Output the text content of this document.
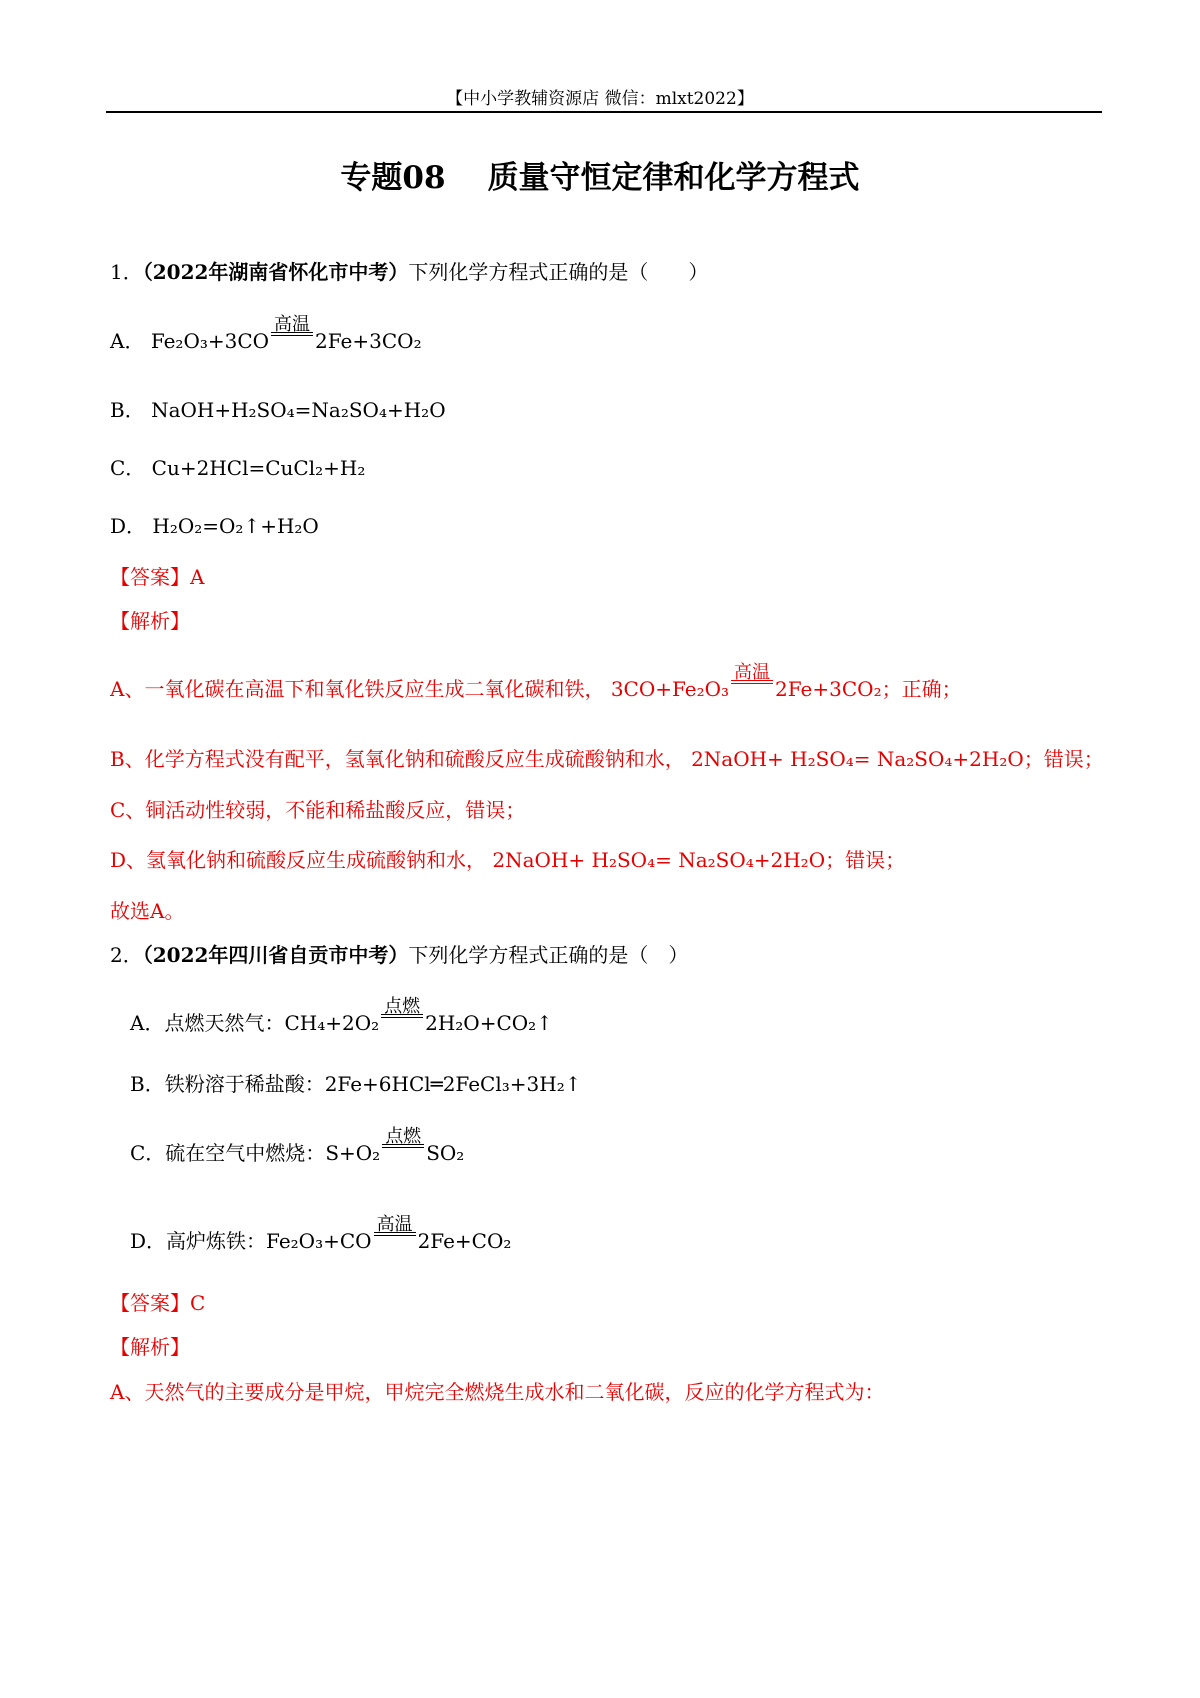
【中小学教辅资源店 微信：mlxt2022】
专题08 质量守恒定律和化学方程式
1．（2022年湖南省怀化市中考）下列化学方程式正确的是（　　）
A． Fe₂O₃+3CO
高温
2Fe+3CO₂
B． NaOH+H₂SO₄=Na₂SO₄+H₂O
C． Cu+2HCl=CuCl₂+H₂
D． H₂O₂=O₂↑+H₂O
【答案】A
【解析】
A、一氧化碳在高温下和氧化铁反应生成二氧化碳和铁， 3CO+Fe₂O₃
高温
2Fe+3CO₂；正确；
B、化学方程式没有配平，氢氧化钠和硫酸反应生成硫酸钠和水， 2NaOH+ H₂SO₄= Na₂SO₄+2H₂O；错误；
C、铜活动性较弱，不能和稀盐酸反应，错误；
D、氢氧化钠和硫酸反应生成硫酸钠和水， 2NaOH+ H₂SO₄= Na₂SO₄+2H₂O；错误；
故选A。
2．（2022年四川省自贡市中考）下列化学方程式正确的是（　）
A．点燃天然气：CH₄+2O₂
点燃
2H₂O+CO₂↑
B．铁粉溶于稀盐酸：2Fe+6HCl═2FeCl₃+3H₂↑
C．硫在空气中燃烧：S+O₂
点燃
SO₂
D．高炉炼铁：Fe₂O₃+CO
高温
2Fe+CO₂
【答案】C
【解析】
A、天然气的主要成分是甲烷，甲烷完全燃烧生成水和二氧化碳，反应的化学方程式为：
